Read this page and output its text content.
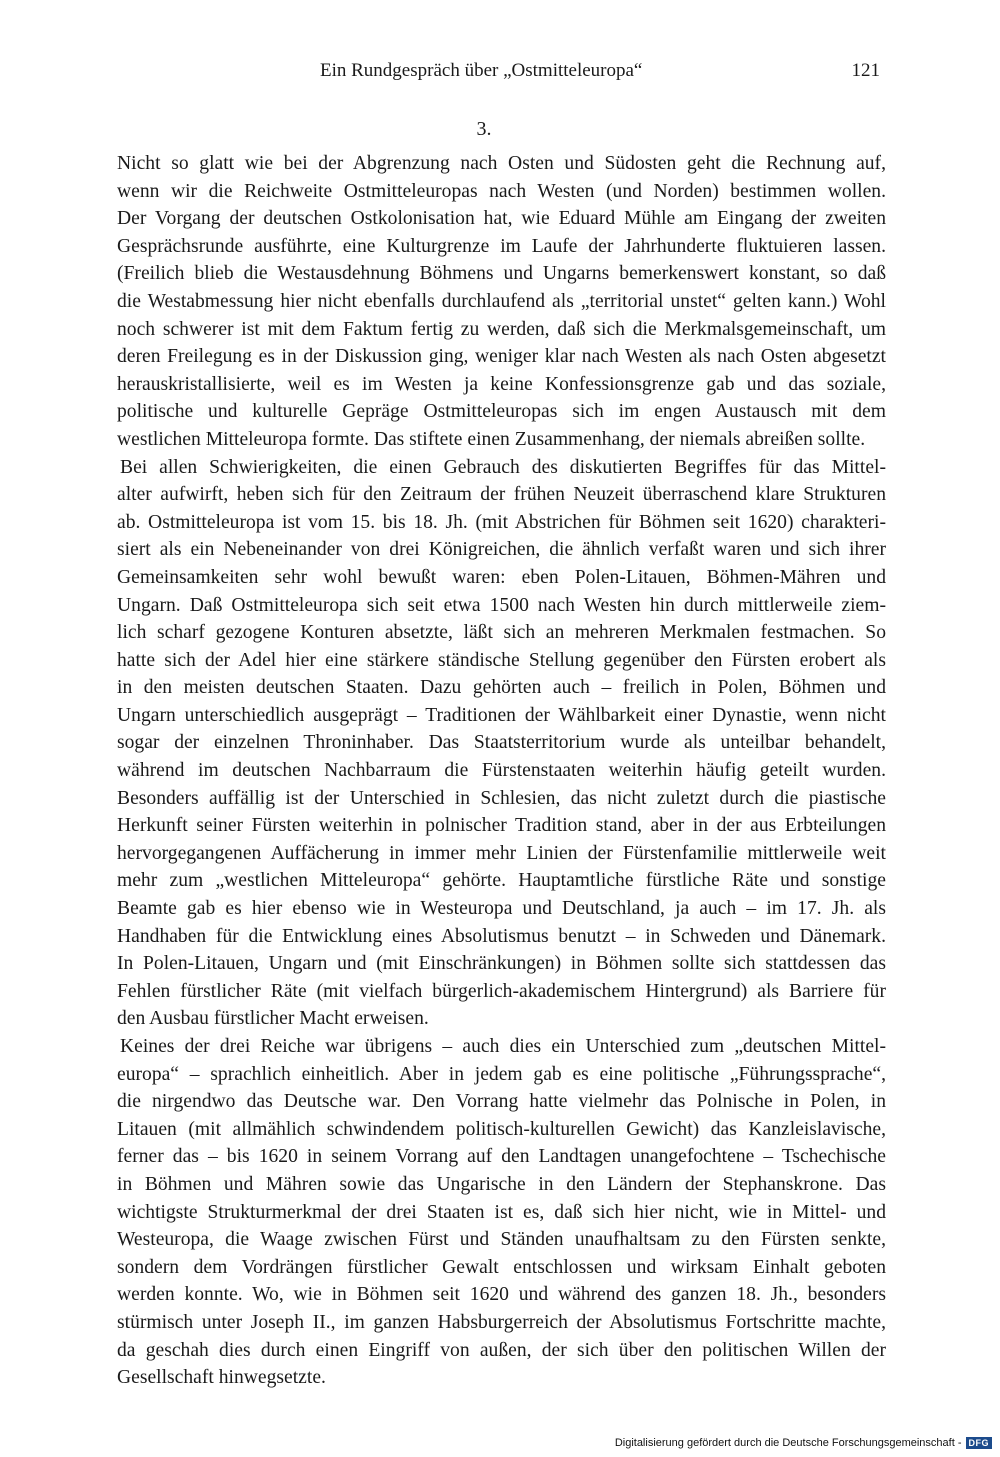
Ein Rundgespräch über „Ostmitteleuropa“	121
3.
Nicht so glatt wie bei der Abgrenzung nach Osten und Südosten geht die Rechnung auf,
wenn wir die Reichweite Ostmitteleuropas nach Westen (und Norden) bestimmen wollen.
Der Vorgang der deutschen Ostkolonisation hat, wie Eduard Mühle am Eingang der zweiten
Gesprächsrunde ausführte, eine Kulturgrenze im Laufe der Jahrhunderte fluktuieren lassen.
(Freilich blieb die Westausdehnung Böhmens und Ungarns bemerkenswert konstant, so daß
die Westabmessung hier nicht ebenfalls durchlaufend als „territorial unstet“ gelten kann.) Wohl
noch schwerer ist mit dem Faktum fertig zu werden, daß sich die Merkmalsgemeinschaft, um
deren Freilegung es in der Diskussion ging, weniger klar nach Westen als nach Osten abgesetzt
herauskristallisierte, weil es im Westen ja keine Konfessionsgrenze gab und das soziale,
politische und kulturelle Gepräge Ostmitteleuropas sich im engen Austausch mit dem
westlichen Mitteleuropa formte. Das stiftete einen Zusammenhang, der niemals abreißen sollte.
Bei allen Schwierigkeiten, die einen Gebrauch des diskutierten Begriffes für das Mittel-
alter aufwirft, heben sich für den Zeitraum der frühen Neuzeit überraschend klare Strukturen
ab. Ostmitteleuropa ist vom 15. bis 18. Jh. (mit Abstrichen für Böhmen seit 1620) charakteri-
siert als ein Nebeneinander von drei Königreichen, die ähnlich verfaßt waren und sich ihrer
Gemeinsamkeiten sehr wohl bewußt waren: eben Polen-Litauen, Böhmen-Mähren und
Ungarn. Daß Ostmitteleuropa sich seit etwa 1500 nach Westen hin durch mittlerweile ziem-
lich scharf gezogene Konturen absetzte, läßt sich an mehreren Merkmalen festmachen. So
hatte sich der Adel hier eine stärkere ständische Stellung gegenüber den Fürsten erobert als
in den meisten deutschen Staaten. Dazu gehörten auch – freilich in Polen, Böhmen und
Ungarn unterschiedlich ausgeprägt – Traditionen der Wählbarkeit einer Dynastie, wenn nicht
sogar der einzelnen Throninhaber. Das Staatsterritorium wurde als unteilbar behandelt,
während im deutschen Nachbarraum die Fürstenstaaten weiterhin häufig geteilt wurden.
Besonders auffällig ist der Unterschied in Schlesien, das nicht zuletzt durch die piastische
Herkunft seiner Fürsten weiterhin in polnischer Tradition stand, aber in der aus Erbteilungen
hervorgegangenen Auffächerung in immer mehr Linien der Fürstenfamilie mittlerweile weit
mehr zum „westlichen Mitteleuropa“ gehörte. Hauptamtliche fürstliche Räte und sonstige
Beamte gab es hier ebenso wie in Westeuropa und Deutschland, ja auch – im 17. Jh. als
Handhaben für die Entwicklung eines Absolutismus benutzt – in Schweden und Dänemark.
In Polen-Litauen, Ungarn und (mit Einschränkungen) in Böhmen sollte sich stattdessen das
Fehlen fürstlicher Räte (mit vielfach bürgerlich-akademischem Hintergrund) als Barriere für
den Ausbau fürstlicher Macht erweisen.
Keines der drei Reiche war übrigens – auch dies ein Unterschied zum „deutschen Mittel-
europa“ – sprachlich einheitlich. Aber in jedem gab es eine politische „Führungssprache“,
die nirgendwo das Deutsche war. Den Vorrang hatte vielmehr das Polnische in Polen, in
Litauen (mit allmählich schwindendem politisch-kulturellen Gewicht) das Kanzleislavische,
ferner das – bis 1620 in seinem Vorrang auf den Landtagen unangefochtene – Tschechische
in Böhmen und Mähren sowie das Ungarische in den Ländern der Stephanskrone. Das
wichtigste Strukturmerkmal der drei Staaten ist es, daß sich hier nicht, wie in Mittel- und
Westeuropa, die Waage zwischen Fürst und Ständen unaufhaltsam zu den Fürsten senkte,
sondern dem Vordrängen fürstlicher Gewalt entschlossen und wirksam Einhalt geboten
werden konnte. Wo, wie in Böhmen seit 1620 und während des ganzen 18. Jh., besonders
stürmisch unter Joseph II., im ganzen Habsburgerreich der Absolutismus Fortschritte machte,
da geschah dies durch einen Eingriff von außen, der sich über den politischen Willen der
Gesellschaft hinwegsetzte.
Digitalisierung gefördert durch die Deutsche Forschungsgemeinschaft - DFG
